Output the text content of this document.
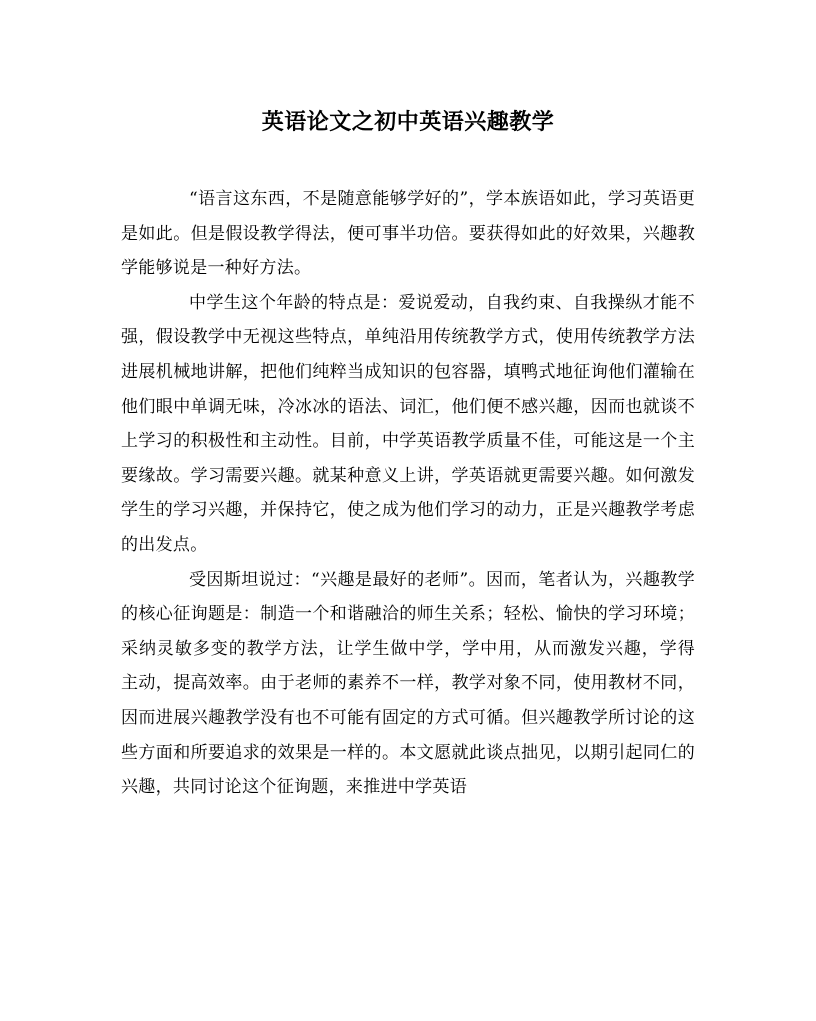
英语论文之初中英语兴趣教学

“语言这东西，不是随意能够学好的”，学本族语如此，学习英语更是如此。但是假设教学得法，便可事半功倍。要获得如此的好效果，兴趣教学能够说是一种好方法。

中学生这个年龄的特点是：爱说爱动，自我约束、自我操纵才能不强，假设教学中无视这些特点，单纯沿用传统教学方式，使用传统教学方法进展机械地讲解，把他们纯粹当成知识的包容器，填鸭式地征询他们灌输在他们眼中单调无味，冷冰冰的语法、词汇，他们便不感兴趣，因而也就谈不上学习的积极性和主动性。目前，中学英语教学质量不佳，可能这是一个主要缘故。学习需要兴趣。就某种意义上讲，学英语就更需要兴趣。如何激发学生的学习兴趣，并保持它，使之成为他们学习的动力，正是兴趣教学考虑的出发点。

受因斯坦说过：“兴趣是最好的老师”。因而，笔者认为，兴趣教学的核心征询题是：制造一个和谐融洽的师生关系；轻松、愉快的学习环境；采纳灵敏多变的教学方法，让学生做中学，学中用，从而激发兴趣，学得 主动，提高效率。由于老师的素养不一样，教学对象不同，使用教材不同，因而进展兴趣教学没有也不可能有固定的方式可循。但兴趣教学所讨论的这些方面和所要追求的效果是一样的。本文愿就此谈点拙见，以期引起同仁的兴趣，共同讨论这个征询题，来推进中学英语
